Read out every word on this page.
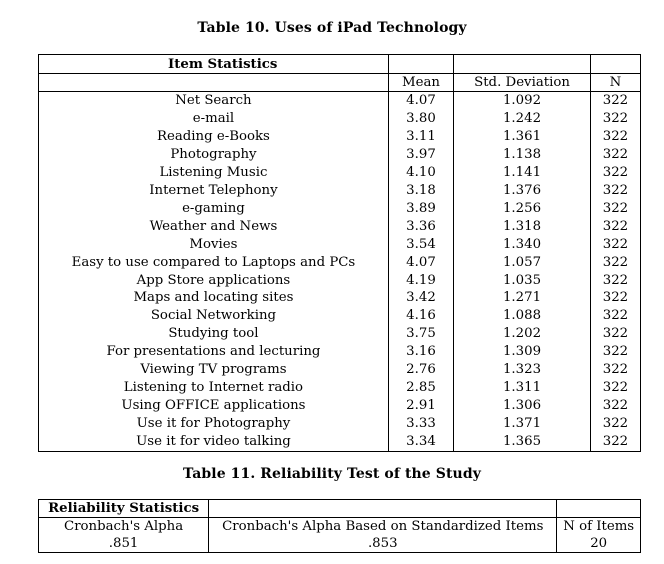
Table 10. Uses of iPad Technology
Item Statistics			
	Mean	Std. Deviation	N
Net Search	4.07	1.092	322
e-mail	3.80	1.242	322
Reading e-Books	3.11	1.361	322
Photography	3.97	1.138	322
Listening Music	4.10	1.141	322
Internet Telephony	3.18	1.376	322
e-gaming	3.89	1.256	322
Weather and News	3.36	1.318	322
Movies	3.54	1.340	322
Easy to use compared to Laptops and PCs	4.07	1.057	322
App Store applications	4.19	1.035	322
Maps and locating sites	3.42	1.271	322
Social Networking	4.16	1.088	322
Studying tool	3.75	1.202	322
For presentations and lecturing	3.16	1.309	322
Viewing TV programs	2.76	1.323	322
Listening to Internet radio	2.85	1.311	322
Using OFFICE applications	2.91	1.306	322
Use it for Photography	3.33	1.371	322
Use it for video talking	3.34	1.365	322
Table 11. Reliability Test of the Study
Reliability Statistics		
Cronbach's Alpha	Cronbach's Alpha Based on Standardized Items	N of Items
.851	.853	20
